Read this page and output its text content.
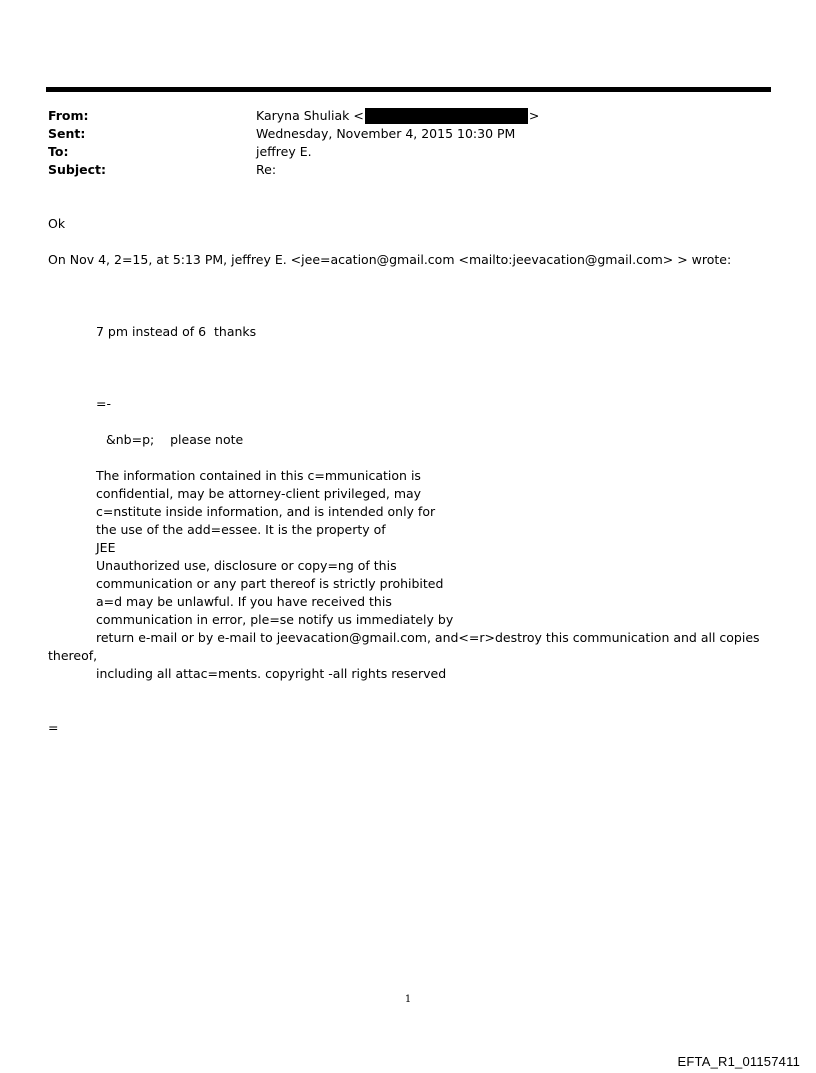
From:	Karyna Shuliak <	>
Sent:	Wednesday, November 4, 2015 10:30 PM
To:	jeffrey E.
Subject:	Re:
Ok
On Nov 4, 2=15, at 5:13 PM, jeffrey E. <jee=acation@gmail.com <mailto:jeevacation@gmail.com> > wrote:
7 pm instead of 6  thanks
=-
&nb=p;    please note
The information contained in this c=mmunication is
confidential, may be attorney-client privileged, may
c=nstitute inside information, and is intended only for
the use of the add=essee. It is the property of
JEE
Unauthorized use, disclosure or copy=ng of this
communication or any part thereof is strictly prohibited
a=d may be unlawful. If you have received this
communication in error, ple=se notify us immediately by
return e-mail or by e-mail to jeevacation@gmail.com, and<=r>destroy this communication and all copies
thereof,
including all attac=ments. copyright -all rights reserved
=
1
EFTA_R1_01157411
